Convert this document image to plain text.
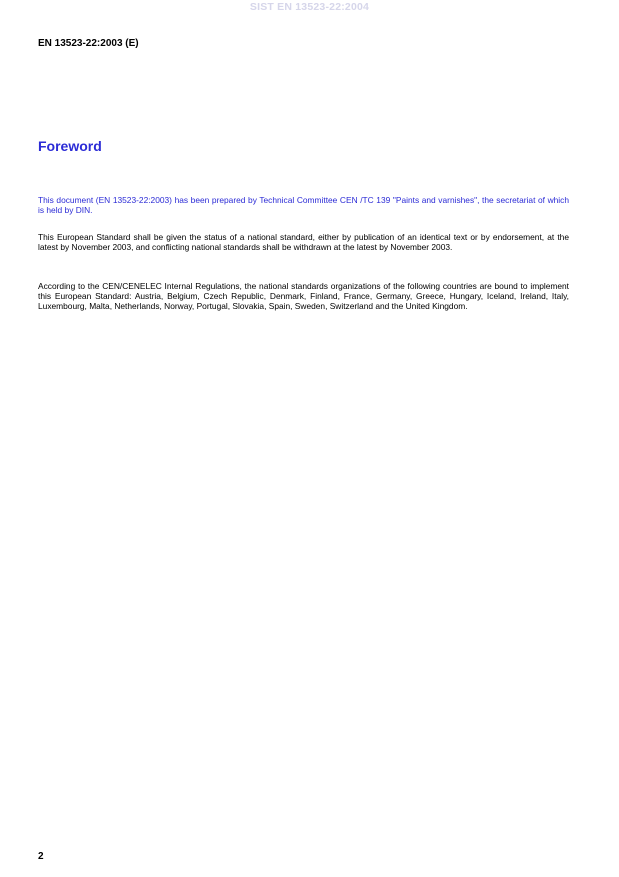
SIST EN 13523-22:2004
EN 13523-22:2003 (E)
Foreword

This document (EN 13523-22:2003) has been prepared by Technical Committee CEN /TC 139 "Paints and varnishes", the secretariat of which is held by DIN.

This European Standard shall be given the status of a national standard, either by publication of an identical text or by endorsement, at the latest by November 2003, and conflicting national standards shall be withdrawn at the latest by November 2003.

According to the CEN/CENELEC Internal Regulations, the national standards organizations of the following countries are bound to implement this European Standard: Austria, Belgium, Czech Republic, Denmark, Finland, France, Germany, Greece, Hungary, Iceland, Ireland, Italy, Luxembourg, Malta, Netherlands, Norway, Portugal, Slovakia, Spain, Sweden, Switzerland and the United Kingdom.

2
